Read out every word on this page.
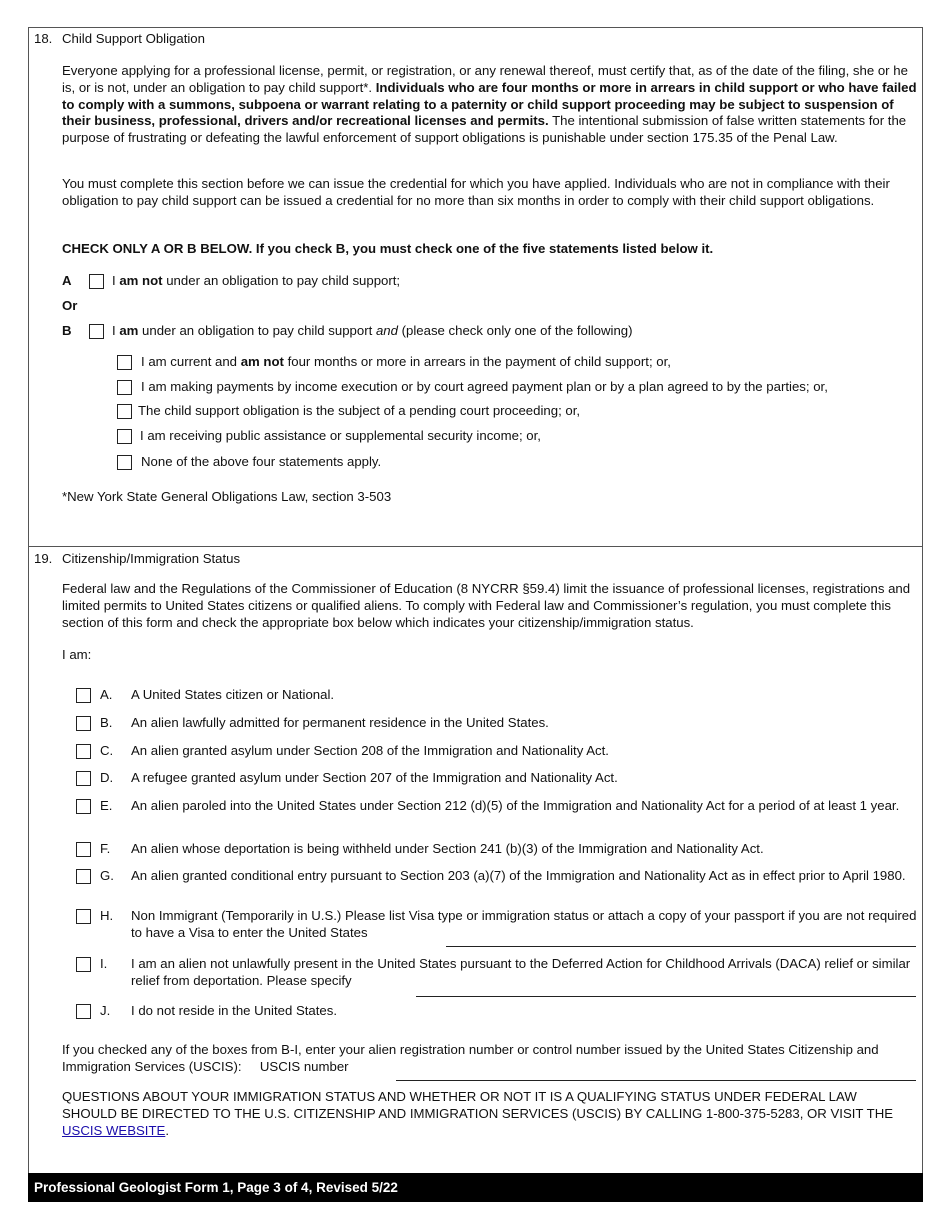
18. Child Support Obligation
Everyone applying for a professional license, permit, or registration, or any renewal thereof, must certify that, as of the date of the filing, she or he is, or is not, under an obligation to pay child support*. Individuals who are four months or more in arrears in child support or who have failed to comply with a summons, subpoena or warrant relating to a paternity or child support proceeding may be subject to suspension of their business, professional, drivers and/or recreational licenses and permits. The intentional submission of false written statements for the purpose of frustrating or defeating the lawful enforcement of support obligations is punishable under section 175.35 of the Penal Law.
You must complete this section before we can issue the credential for which you have applied. Individuals who are not in compliance with their obligation to pay child support can be issued a credential for no more than six months in order to comply with their child support obligations.
CHECK ONLY A OR B BELOW. If you check B, you must check one of the five statements listed below it.
A	I am not under an obligation to pay child support;
Or
B	I am under an obligation to pay child support and (please check only one of the following)
I am current and am not four months or more in arrears in the payment of child support; or,
I am making payments by income execution or by court agreed payment plan or by a plan agreed to by the parties; or,
The child support obligation is the subject of a pending court proceeding; or,
I am receiving public assistance or supplemental security income; or,
None of the above four statements apply.
*New York State General Obligations Law, section 3-503
19. Citizenship/Immigration Status
Federal law and the Regulations of the Commissioner of Education (8 NYCRR §59.4) limit the issuance of professional licenses, registrations and limited permits to United States citizens or qualified aliens. To comply with Federal law and Commissioner’s regulation, you must complete this section of this form and check the appropriate box below which indicates your citizenship/immigration status.
I am:
A.	A United States citizen or National.
B.	An alien lawfully admitted for permanent residence in the United States.
C.	An alien granted asylum under Section 208 of the Immigration and Nationality Act.
D.	A refugee granted asylum under Section 207 of the Immigration and Nationality Act.
E.	An alien paroled into the United States under Section 212 (d)(5) of the Immigration and Nationality Act for a period of at least 1 year.
F.	An alien whose deportation is being withheld under Section 241 (b)(3) of the Immigration and Nationality Act.
G.	An alien granted conditional entry pursuant to Section 203 (a)(7) of the Immigration and Nationality Act as in effect prior to April 1980.
H.	Non Immigrant (Temporarily in U.S.) Please list Visa type or immigration status or attach a copy of your passport if you are not required to have a Visa to enter the United States
I.	I am an alien not unlawfully present in the United States pursuant to the Deferred Action for Childhood Arrivals (DACA) relief or similar relief from deportation. Please specify
J.	I do not reside in the United States.
If you checked any of the boxes from B-I, enter your alien registration number or control number issued by the United States Citizenship and Immigration Services (USCIS): USCIS number
QUESTIONS ABOUT YOUR IMMIGRATION STATUS AND WHETHER OR NOT IT IS A QUALIFYING STATUS UNDER FEDERAL LAW SHOULD BE DIRECTED TO THE U.S. CITIZENSHIP AND IMMIGRATION SERVICES (USCIS) BY CALLING 1-800-375-5283, OR VISIT THE USCIS WEBSITE.
Professional Geologist Form 1, Page 3 of 4, Revised 5/22
